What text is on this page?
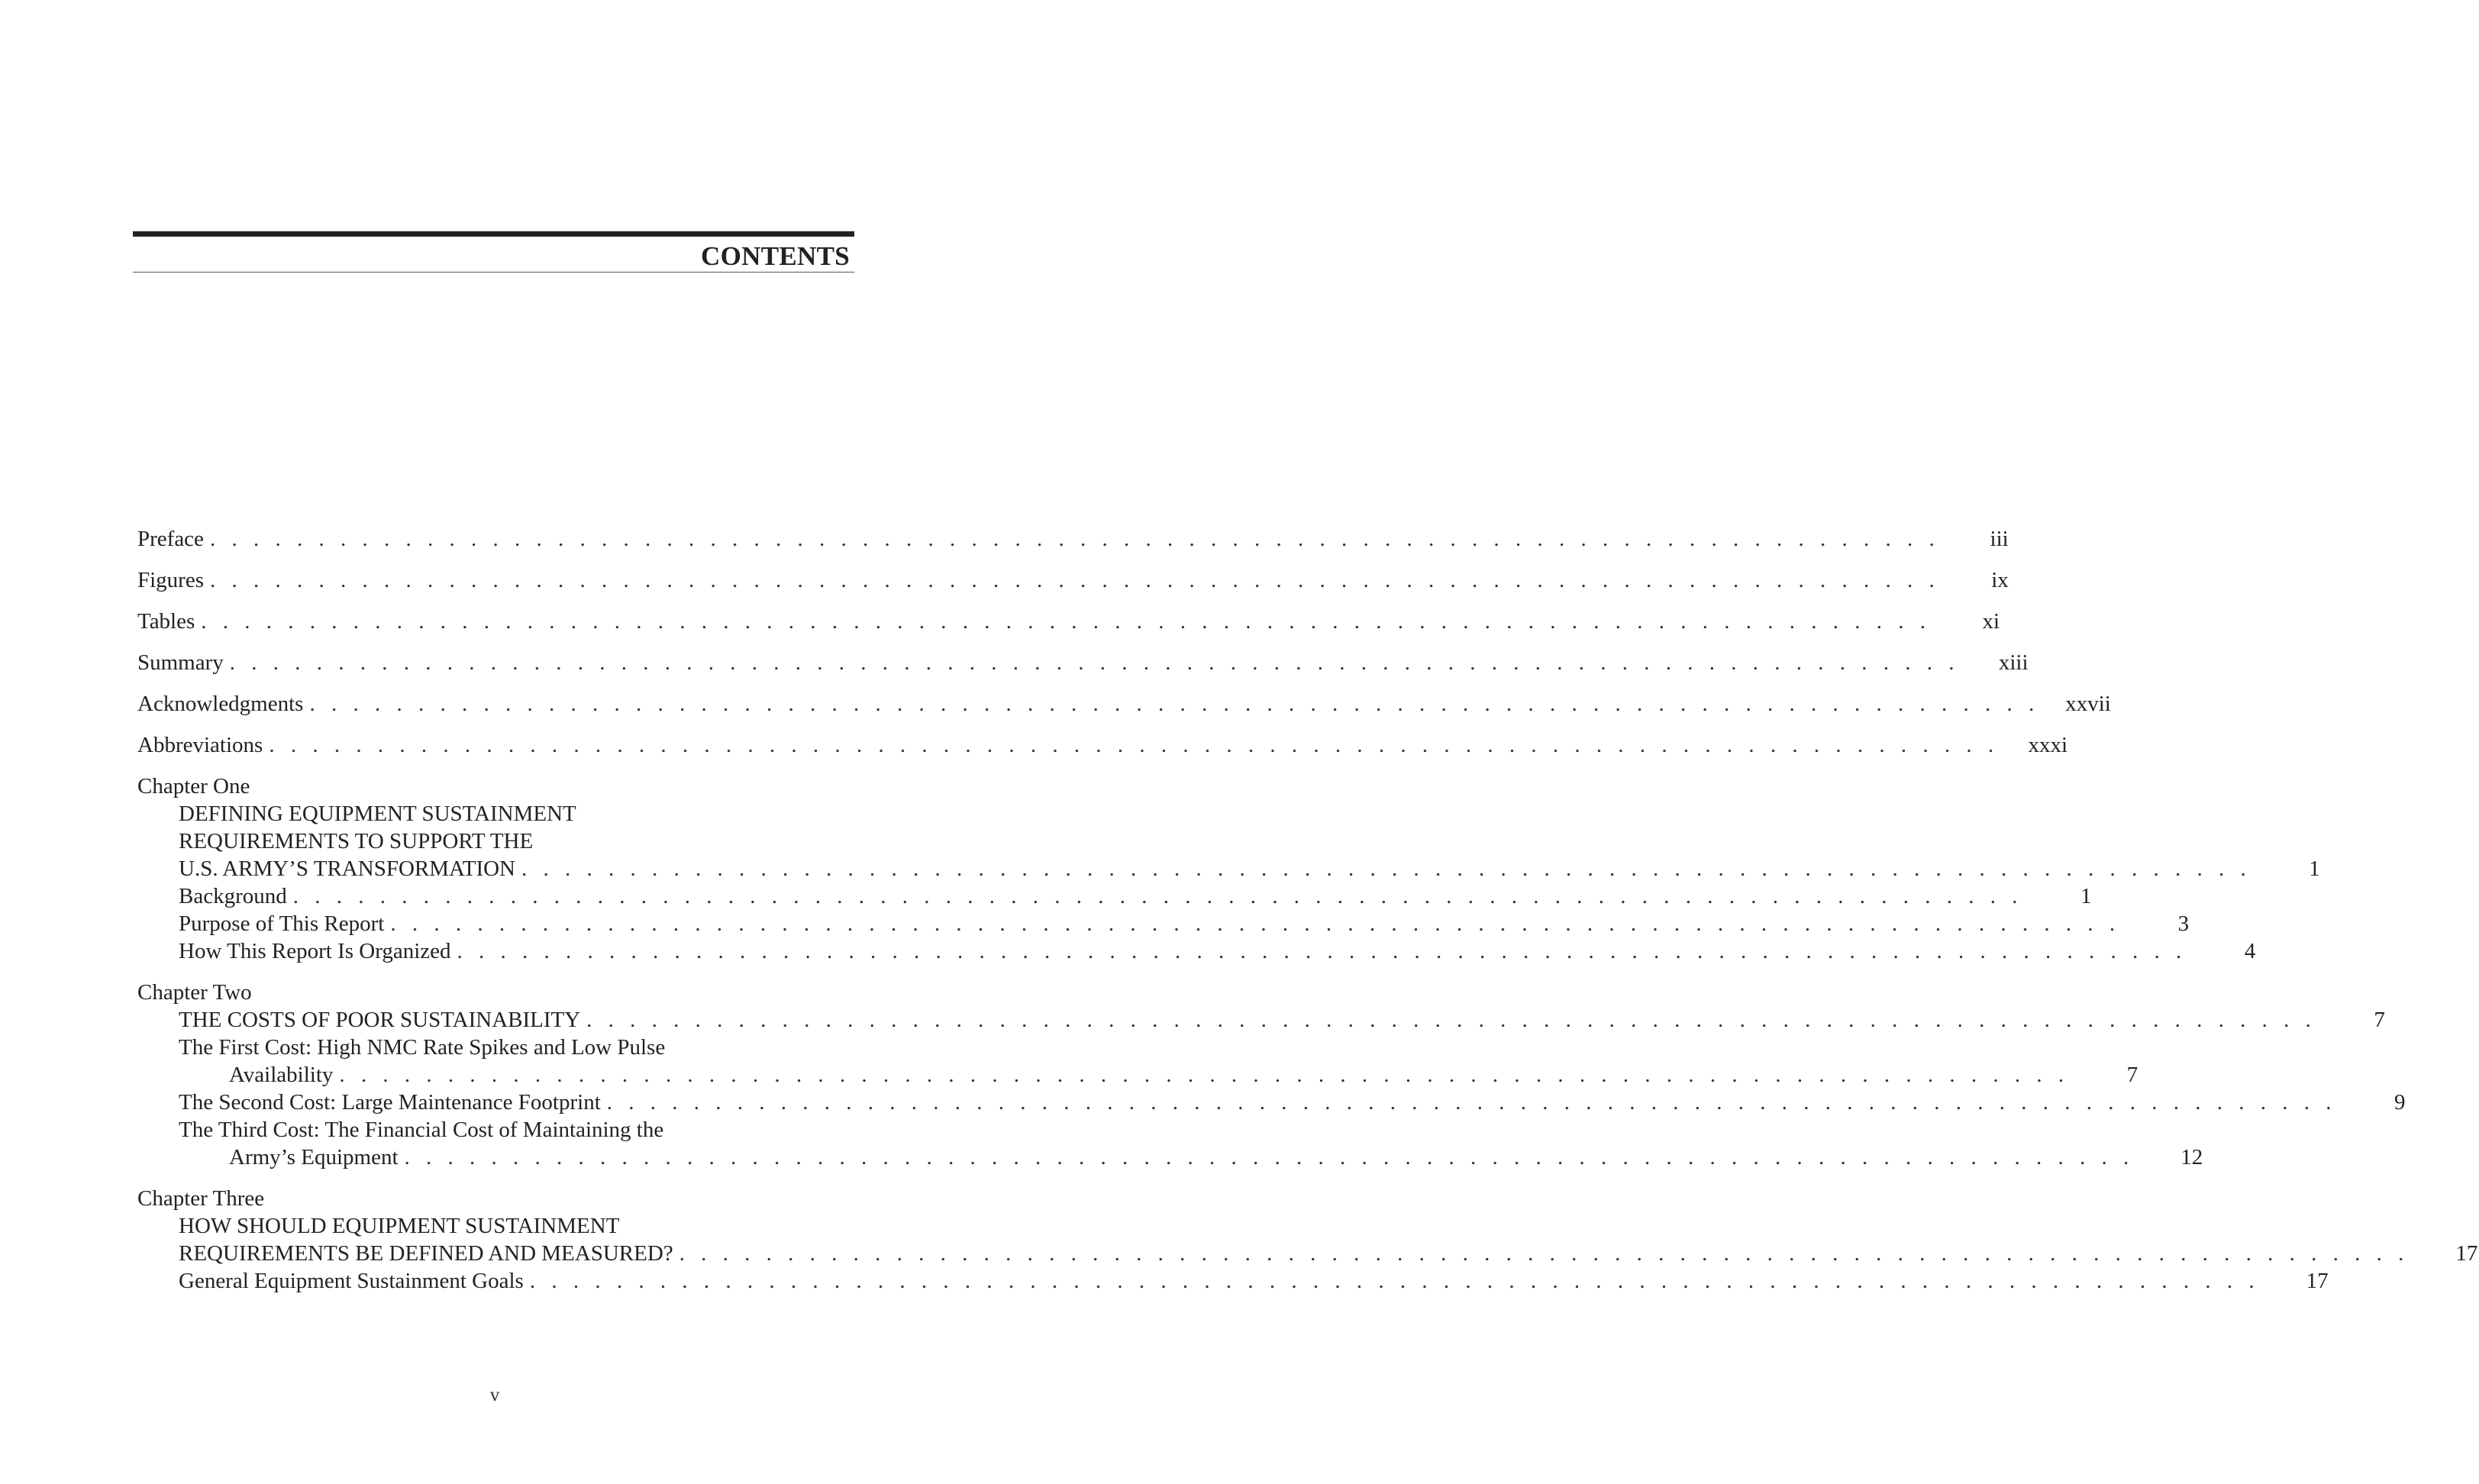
CONTENTS
Preface . . . . . . . . . . . . . . . . . . . . . . . . . . . . . . . . . . . . . . . . . . . . . . . . . . . . . . . . . . . . . . . . . . . . . . . . . . . . . . . .	iii
Figures . . . . . . . . . . . . . . . . . . . . . . . . . . . . . . . . . . . . . . . . . . . . . . . . . . . . . . . . . . . . . . . . . . . . . . . . . . . . . . . .	ix
Tables . . . . . . . . . . . . . . . . . . . . . . . . . . . . . . . . . . . . . . . . . . . . . . . . . . . . . . . . . . . . . . . . . . . . . . . . . . . . . . . .	xi
Summary . . . . . . . . . . . . . . . . . . . . . . . . . . . . . . . . . . . . . . . . . . . . . . . . . . . . . . . . . . . . . . . . . . . . . . . . . . . . . . . .	xiii
Acknowledgments . . . . . . . . . . . . . . . . . . . . . . . . . . . . . . . . . . . . . . . . . . . . . . . . . . . . . . . . . . . . . . . . . . . . . . . . . . . . . . . . xxvii
Abbreviations . . . . . . . . . . . . . . . . . . . . . . . . . . . . . . . . . . . . . . . . . . . . . . . . . . . . . . . . . . . . . . . . . . . . . . . . . . . . . . . . xxxi
Chapter One
DEFINING EQUIPMENT SUSTAINMENT
REQUIREMENTS TO SUPPORT THE
U.S. ARMY’S TRANSFORMATION . . . . . . . . . . . . . . . . . . . . . . . . . . . . . . . . . . . . . . . . . . . . . . . . . . . . . . . . . . . . . . . . . . . . . . . . . . . . . . . .	1
Background . . . . . . . . . . . . . . . . . . . . . . . . . . . . . . . . . . . . . . . . . . . . . . . . . . . . . . . . . . . . . . . . . . . . . . . . . . . . . . . .	1
Purpose of This Report . . . . . . . . . . . . . . . . . . . . . . . . . . . . . . . . . . . . . . . . . . . . . . . . . . . . . . . . . . . . . . . . . . . . . . . . . . . . . . . .	3
How This Report Is Organized . . . . . . . . . . . . . . . . . . . . . . . . . . . . . . . . . . . . . . . . . . . . . . . . . . . . . . . . . . . . . . . . . . . . . . . . . . . . . . . .	4
Chapter Two
THE COSTS OF POOR SUSTAINABILITY . . . . . . . . . . . . . . . . . . . . . . . . . . . . . . . . . . . . . . . . . . . . . . . . . . . . . . . . . . . . . . . . . . . . . . . . . . . . . . . .	7
The First Cost: High NMC Rate Spikes and Low Pulse
Availability . . . . . . . . . . . . . . . . . . . . . . . . . . . . . . . . . . . . . . . . . . . . . . . . . . . . . . . . . . . . . . . . . . . . . . . . . . . . . . . .	7
The Second Cost: Large Maintenance Footprint . . . . . . . . . . . . . . . . . . . . . . . . . . . . . . . . . . . . . . . . . . . . . . . . . . . . . . . . . . . . . . . . . . . . . . . . . . . . . . . .	9
The Third Cost: The Financial Cost of Maintaining the
Army’s Equipment . . . . . . . . . . . . . . . . . . . . . . . . . . . . . . . . . . . . . . . . . . . . . . . . . . . . . . . . . . . . . . . . . . . . . . . . . . . . . . . .	12
Chapter Three
HOW SHOULD EQUIPMENT SUSTAINMENT
REQUIREMENTS BE DEFINED AND MEASURED? . . . . . . . . . . . . . . . . . . . . . . . . . . . . . . . . . . . . . . . . . . . . . . . . . . . . . . . . . . . . . . . . . . . . . . . . . . . . . . . .	17
General Equipment Sustainment Goals . . . . . . . . . . . . . . . . . . . . . . . . . . . . . . . . . . . . . . . . . . . . . . . . . . . . . . . . . . . . . . . . . . . . . . . . . . . . . . . .	17
v
